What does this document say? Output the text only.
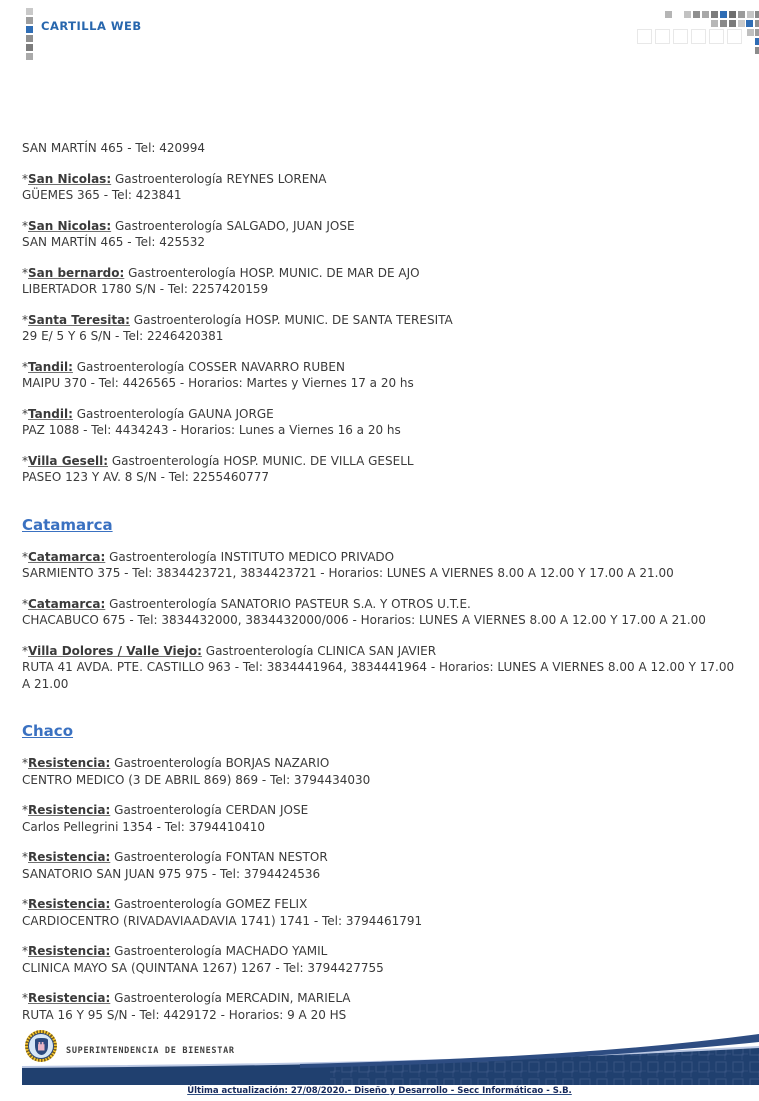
CARTILLA WEB

SAN MARTÍN 465 - Tel: 420994

*San Nicolas: Gastroenterología REYNES LORENA
GÜEMES 365 - Tel: 423841

*San Nicolas: Gastroenterología SALGADO, JUAN JOSE
SAN MARTÍN 465 - Tel: 425532

*San bernardo: Gastroenterología HOSP. MUNIC. DE MAR DE AJO
LIBERTADOR 1780 S/N - Tel: 2257420159

*Santa Teresita: Gastroenterología HOSP. MUNIC. DE SANTA TERESITA
29 E/ 5 Y 6 S/N - Tel: 2246420381

*Tandil: Gastroenterología COSSER NAVARRO RUBEN
MAIPU 370 - Tel: 4426565 - Horarios: Martes y Viernes 17 a 20 hs

*Tandil: Gastroenterología GAUNA JORGE
PAZ 1088 - Tel: 4434243 - Horarios: Lunes a Viernes 16 a 20 hs

*Villa Gesell: Gastroenterología HOSP. MUNIC. DE VILLA GESELL
PASEO 123 Y AV. 8 S/N - Tel: 2255460777

Catamarca

*Catamarca: Gastroenterología INSTITUTO MEDICO PRIVADO
SARMIENTO 375 - Tel: 3834423721, 3834423721 - Horarios: LUNES A VIERNES 8.00 A 12.00 Y 17.00 A 21.00

*Catamarca: Gastroenterología SANATORIO PASTEUR S.A. Y OTROS U.T.E.
CHACABUCO 675 - Tel: 3834432000, 3834432000/006 - Horarios: LUNES A VIERNES 8.00 A 12.00 Y 17.00 A 21.00

*Villa Dolores / Valle Viejo: Gastroenterología CLINICA SAN JAVIER
RUTA 41 AVDA. PTE. CASTILLO 963 - Tel: 3834441964, 3834441964 - Horarios: LUNES A VIERNES 8.00 A 12.00 Y 17.00 A 21.00

Chaco

*Resistencia: Gastroenterología BORJAS NAZARIO
CENTRO MEDICO (3 DE ABRIL 869) 869 - Tel: 3794434030

*Resistencia: Gastroenterología CERDAN JOSE
Carlos Pellegrini 1354 - Tel: 3794410410

*Resistencia: Gastroenterología FONTAN NESTOR
SANATORIO SAN JUAN 975 975 - Tel: 3794424536

*Resistencia: Gastroenterología GOMEZ FELIX
CARDIOCENTRO (RIVADAVIAADAVIA 1741) 1741 - Tel: 3794461791

*Resistencia: Gastroenterología MACHADO YAMIL
CLINICA MAYO SA (QUINTANA 1267) 1267 - Tel: 3794427755

*Resistencia: Gastroenterología MERCADIN, MARIELA
RUTA 16 Y 95 S/N - Tel: 4429172 - Horarios: 9 A 20 HS

SUPERINTENDENCIA DE BIENESTAR
Última actualización: 27/08/2020.- Diseño y Desarrollo - Secc Informáticao - S.B.
